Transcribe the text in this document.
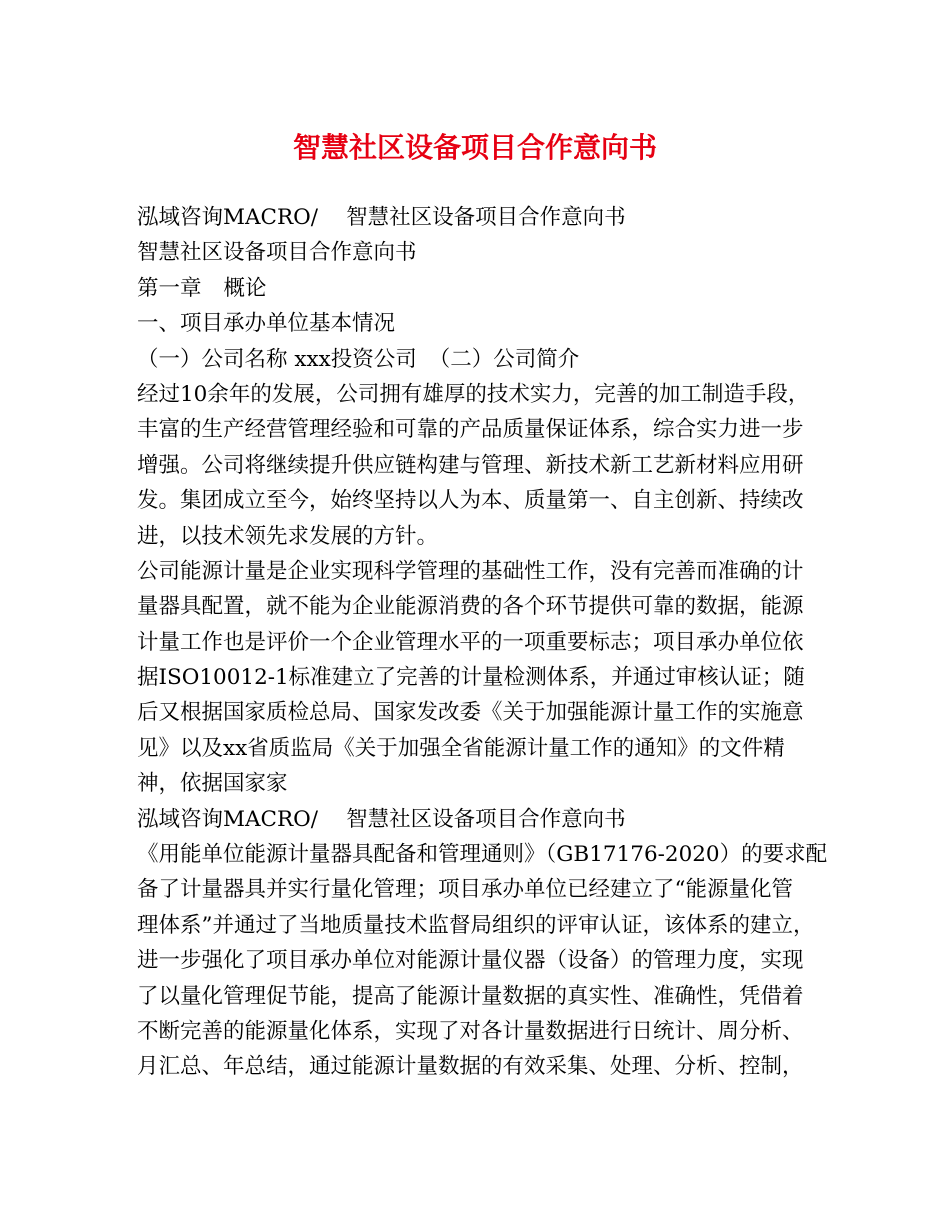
智慧社区设备项目合作意向书
泓域咨询MACRO/ 智慧社区设备项目合作意向书
智慧社区设备项目合作意向书
第一章 概论
一、项目承办单位基本情况
（一）公司名称 xxx投资公司 （二）公司简介
经过10余年的发展，公司拥有雄厚的技术实力，完善的加工制造手段，
丰富的生产经营管理经验和可靠的产品质量保证体系，综合实力进一步
增强。公司将继续提升供应链构建与管理、新技术新工艺新材料应用研
发。集团成立至今，始终坚持以人为本、质量第一、自主创新、持续改
进，以技术领先求发展的方针。
公司能源计量是企业实现科学管理的基础性工作，没有完善而准确的计
量器具配置，就不能为企业能源消费的各个环节提供可靠的数据，能源
计量工作也是评价一个企业管理水平的一项重要标志；项目承办单位依
据ISO10012-1标准建立了完善的计量检测体系，并通过审核认证；随
后又根据国家质检总局、国家发改委《关于加强能源计量工作的实施意
见》以及xx省质监局《关于加强全省能源计量工作的通知》的文件精
神，依据国家家
泓域咨询MACRO/ 智慧社区设备项目合作意向书
《用能单位能源计量器具配备和管理通则》（GB17176-2020）的要求配
备了计量器具并实行量化管理；项目承办单位已经建立了“能源量化管
理体系”并通过了当地质量技术监督局组织的评审认证，该体系的建立，
进一步强化了项目承办单位对能源计量仪器（设备）的管理力度，实现
了以量化管理促节能，提高了能源计量数据的真实性、准确性，凭借着
不断完善的能源量化体系，实现了对各计量数据进行日统计、周分析、
月汇总、年总结，通过能源计量数据的有效采集、处理、分析、控制，
